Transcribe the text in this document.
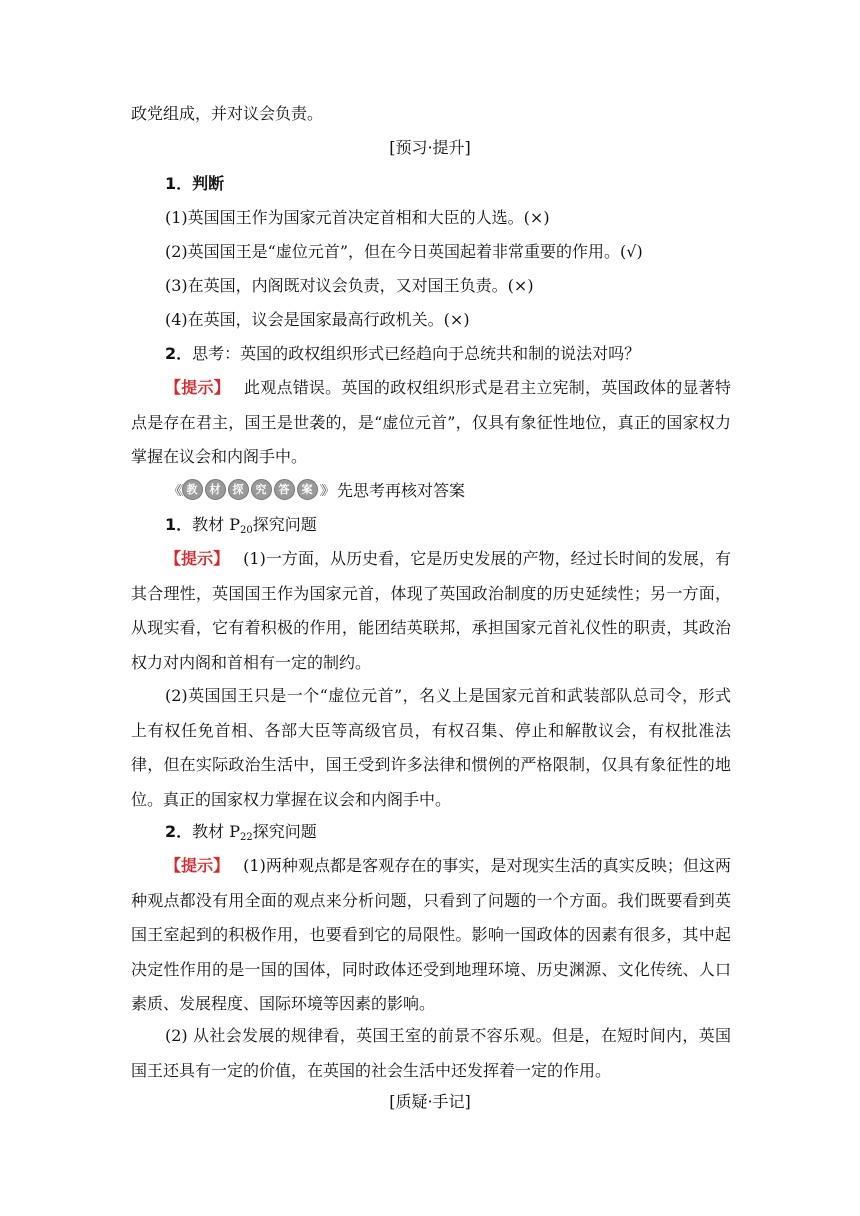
政党组成，并对议会负责。

[预习·提升]

1．判断

(1)英国国王作为国家元首决定首相和大臣的人选。(×)

(2)英国国王是“虚位元首”，但在今日英国起着非常重要的作用。(√)

(3)在英国，内阁既对议会负责，又对国王负责。(×)

(4)在英国，议会是国家最高行政机关。(×)

2．思考：英国的政权组织形式已经趋向于总统共和制的说法对吗？

【提示】 此观点错误。英国的政权组织形式是君主立宪制，英国政体的显著特点是存在君主，国王是世袭的，是“虚位元首”，仅具有象征性地位，真正的国家权力掌握在议会和内阁手中。

《《 教	材	探	究	答	案 》》 先思考再核对答案

1．教材 $P_{20}$探究问题

【提示】 (1)一方面，从历史看，它是历史发展的产物，经过长时间的发展，有其合理性，英国国王作为国家元首，体现了英国政治制度的历史延续性；另一方面，从现实看，它有着积极的作用，能团结英联邦，承担国家元首礼仪性的职责，其政治权力对内阁和首相有一定的制约。

(2)英国国王只是一个“虚位元首”，名义上是国家元首和武装部队总司令，形式上有权任免首相、各部大臣等高级官员，有权召集、停止和解散议会，有权批准法律，但在实际政治生活中，国王受到许多法律和惯例的严格限制，仅具有象征性的地位。真正的国家权力掌握在议会和内阁手中。

2．教材 $P_{22}$探究问题

【提示】 (1)两种观点都是客观存在的事实，是对现实生活的真实反映；但这两种观点都没有用全面的观点来分析问题，只看到了问题的一个方面。我们既要看到英国王室起到的积极作用，也要看到它的局限性。影响一国政体的因素有很多，其中起决定性作用的是一国的国体，同时政体还受到地理环境、历史渊源、文化传统、人口素质、发展程度、国际环境等因素的影响。

(2) 从社会发展的规律看，英国王室的前景不容乐观。但是，在短时间内，英国国王还具有一定的价值，在英国的社会生活中还发挥着一定的作用。

[质疑·手记]
